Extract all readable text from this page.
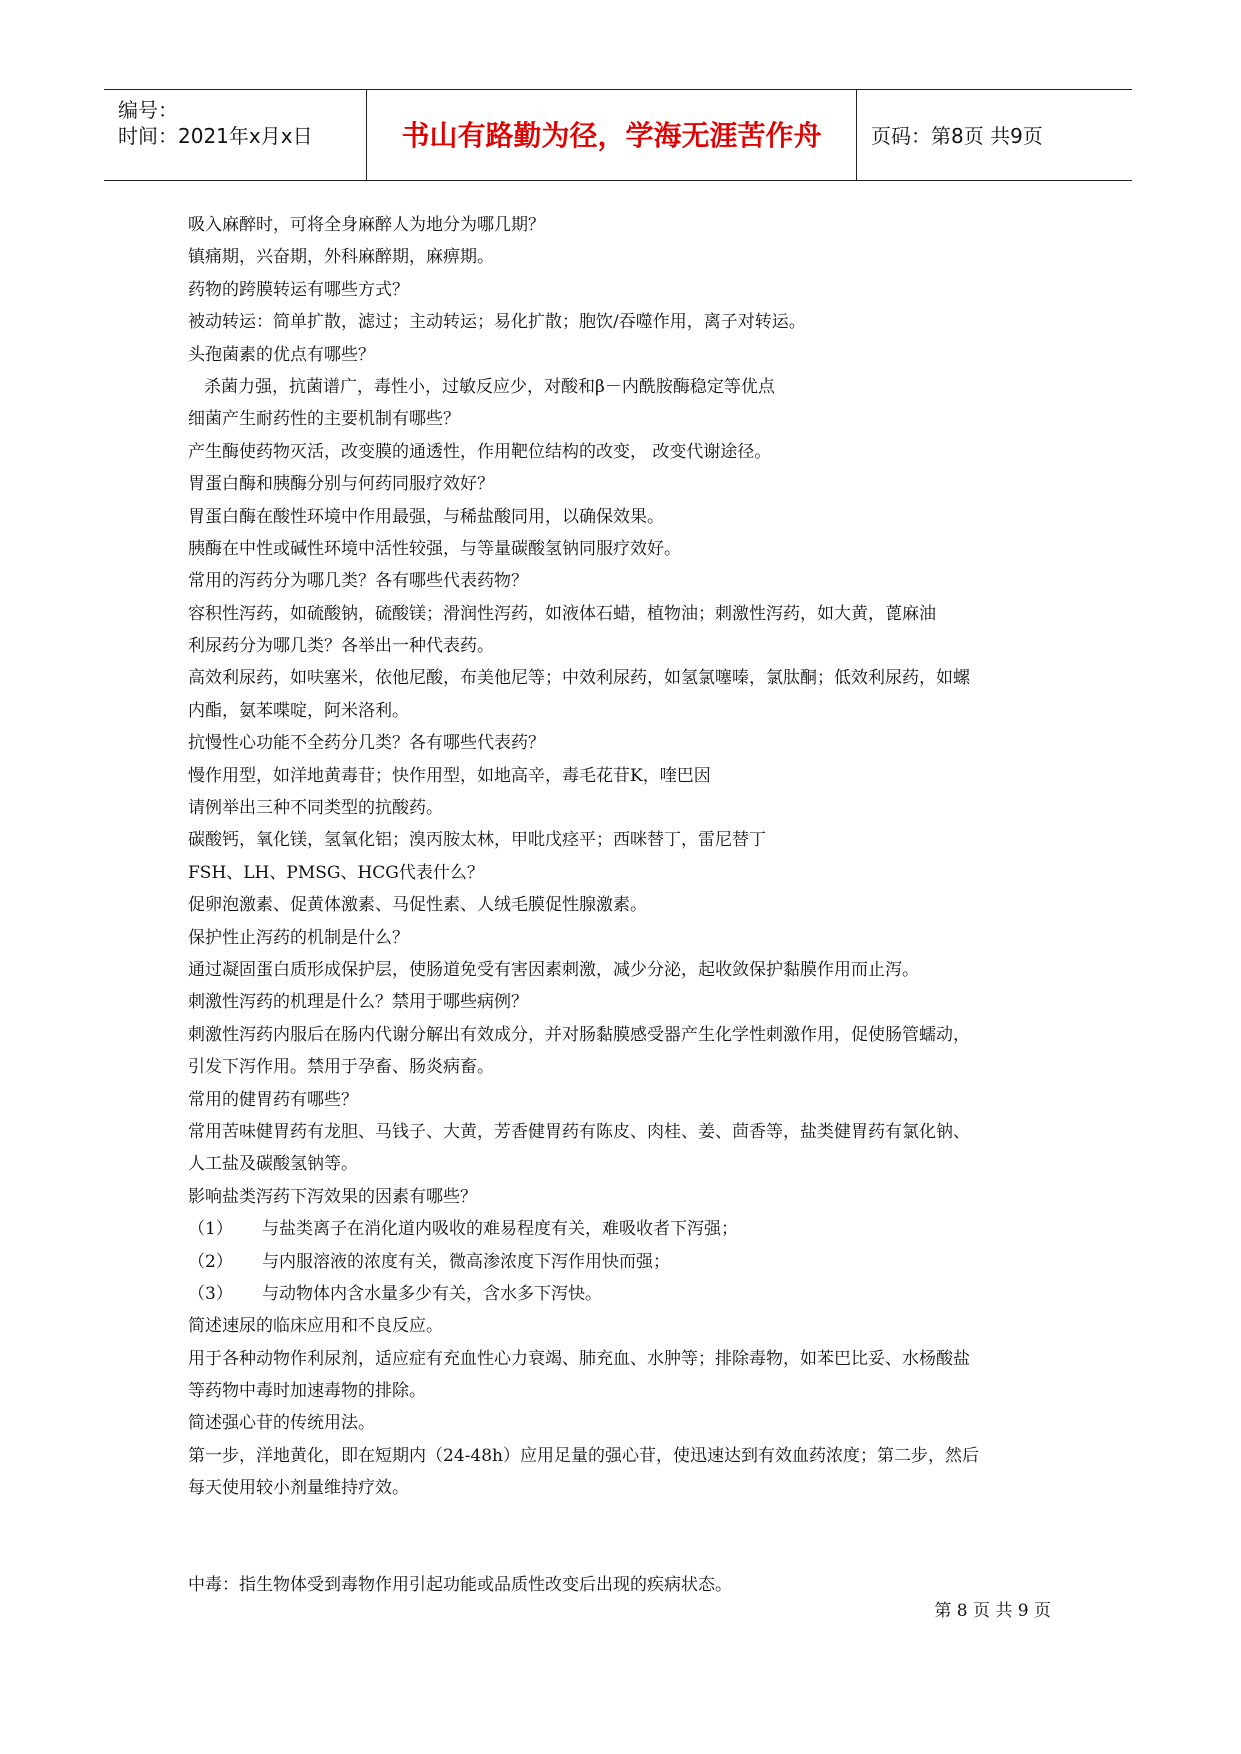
编号：
时间：2021年x月x日	书山有路勤为径，学海无涯苦作舟	页码：第8页 共9页
吸入麻醉时，可将全身麻醉人为地分为哪几期？
镇痛期，兴奋期，外科麻醉期，麻痹期。
药物的跨膜转运有哪些方式？
被动转运：简单扩散，滤过；主动转运；易化扩散；胞饮/吞噬作用，离子对转运。
头孢菌素的优点有哪些？
杀菌力强，抗菌谱广，毒性小，过敏反应少，对酸和β－内酰胺酶稳定等优点
细菌产生耐药性的主要机制有哪些？
产生酶使药物灭活，改变膜的通透性，作用靶位结构的改变， 改变代谢途径。
胃蛋白酶和胰酶分别与何药同服疗效好？
胃蛋白酶在酸性环境中作用最强，与稀盐酸同用，以确保效果。
胰酶在中性或碱性环境中活性较强，与等量碳酸氢钠同服疗效好。
常用的泻药分为哪几类？各有哪些代表药物？
容积性泻药，如硫酸钠，硫酸镁；滑润性泻药，如液体石蜡，植物油；刺激性泻药，如大黄，蓖麻油
利尿药分为哪几类？各举出一种代表药。
高效利尿药，如呋塞米，依他尼酸，布美他尼等；中效利尿药，如氢氯噻嗪，氯肽酮；低效利尿药，如螺
内酯，氨苯喋啶，阿米洛利。
抗慢性心功能不全药分几类？各有哪些代表药？
慢作用型，如洋地黄毒苷；快作用型，如地高辛，毒毛花苷K，喹巴因
请例举出三种不同类型的抗酸药。
碳酸钙，氧化镁，氢氧化铝；溴丙胺太林，甲吡戊痉平；西咪替丁，雷尼替丁
FSH、LH、PMSG、HCG代表什么？
促卵泡激素、促黄体激素、马促性素、人绒毛膜促性腺激素。
保护性止泻药的机制是什么？
通过凝固蛋白质形成保护层，使肠道免受有害因素刺激，减少分泌，起收敛保护黏膜作用而止泻。
刺激性泻药的机理是什么？禁用于哪些病例？
刺激性泻药内服后在肠内代谢分解出有效成分，并对肠黏膜感受器产生化学性刺激作用，促使肠管蠕动，
引发下泻作用。禁用于孕畜、肠炎病畜。
常用的健胃药有哪些？
常用苦味健胃药有龙胆、马钱子、大黄，芳香健胃药有陈皮、肉桂、姜、茴香等，盐类健胃药有氯化钠、
人工盐及碳酸氢钠等。
影响盐类泻药下泻效果的因素有哪些？
（1）	与盐类离子在消化道内吸收的难易程度有关，难吸收者下泻强；
（2）	与内服溶液的浓度有关，微高渗浓度下泻作用快而强；
（3）	与动物体内含水量多少有关，含水多下泻快。
简述速尿的临床应用和不良反应。
用于各种动物作利尿剂，适应症有充血性心力衰竭、肺充血、水肿等；排除毒物，如苯巴比妥、水杨酸盐
等药物中毒时加速毒物的排除。
简述强心苷的传统用法。
第一步，洋地黄化，即在短期内（24-48h）应用足量的强心苷，使迅速达到有效血药浓度；第二步，然后
每天使用较小剂量维持疗效。
中毒：指生物体受到毒物作用引起功能或品质性改变后出现的疾病状态。
第 8 页 共 9 页
